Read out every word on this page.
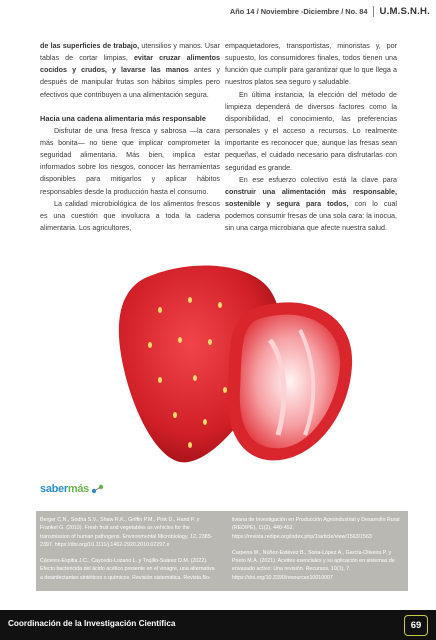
Año 14 / Noviembre -Diciembre / No. 84	U.M.S.N.H.

de las superficies de trabajo, utensilios y manos. Usar tablas de cortar limpias, evitar cruzar alimentos cocidos y crudos, y lavarse las manos antes y después de manipular frutas son hábitos simples pero efectivos que contribuyen a una alimentación segura.

Hacia una cadena alimentaria más responsable

Disfrutar de una fresa fresca y sabrosa —la cara más bonita— no tiene que implicar comprometer la seguridad alimentaria. Más bien, implica estar informados sobre los riesgos, conocer las herramientas disponibles para mitigarlos y aplicar hábitos responsables desde la producción hasta el consumo.

La calidad microbiológica de los alimentos frescos es una cuestión que involucra a toda la cadena alimentaria. Los agricultores,

empaquetadores, transportistas, minoristas y, por supuesto, los consumidores finales, todos tienen una función que cumplir para garantizar que lo que llega a nuestros platos sea seguro y saludable.

En última instancia, la elección del método de limpieza dependerá de diversos factores como la disponibilidad, el conocimiento, las preferencias personales y el acceso a recursos. Lo realmente importante es reconocer que, aunque las fresas sean pequeñas, el cuidado necesario para disfrutarlas con seguridad es grande.

En ese esfuerzo colectivo está la clave para construir una alimentación más responsable, sostenible y segura para todos, con lo cual podemos consumir fresas de una sola cara: la inocua, sin una carga microbiana que afecte nuestra salud.

sabermás

Berger C.N., Sodha S.V., Shaw R.K., Griffin P.M., Pink D., Hand P. y Frankel G. (2010). Fresh fruit and vegetables as vehicles for the transmission of human pathogens. Environmental Microbiology, 12, 2385-2397. https://doi.org/10.1111/j.1462-2920.2010.02297.x

Cáceres-Espitia J.C., Caycedo-Lozano L. y Trujillo-Suárez D.M. (2022). Efecto bactericida del ácido acético presente en el vinagre, una alternativa a desinfectantes sintéticos o químicos. Revisión sistemática. Revista Bo-

liviana de Investigación en Producción Agroindustrial y Desarrollo Rural (REDIPE), 11(2), 440-452. https://revista.redipe.org/index.php/1/article/view/1563/1563

Carpena M., Núñez-Estévez B., Soria-López A., García-Oliveira P. y Prieto M.A. (2021). Aceites esenciales y su aplicación en sistemas de envasado activo: Una revisión. Recursos, 10(1), 7. https://doi.org/10.3390/resources10010007

Coordinación de la Investigación Científica	69
